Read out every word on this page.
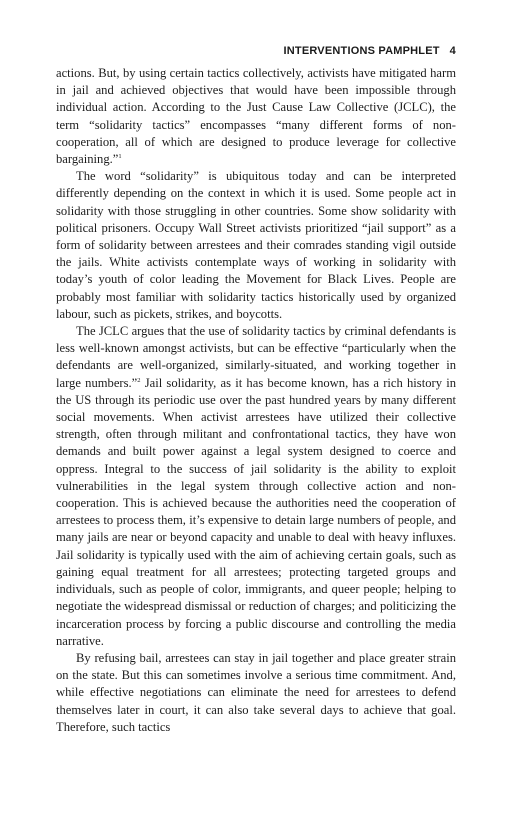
INTERVENTIONS PAMPHLET 4

actions. But, by using certain tactics collectively, activists have mitigated harm in jail and achieved objectives that would have been impossible through individual action. According to the Just Cause Law Collective (JCLC), the term “solidarity tactics” encompasses “many different forms of non-cooperation, all of which are designed to produce leverage for collective bargaining.”$^1$

The word “solidarity” is ubiquitous today and can be interpreted differently depending on the context in which it is used. Some people act in solidarity with those struggling in other countries. Some show solidarity with political prisoners. Occupy Wall Street activists prioritized “jail support” as a form of solidarity between arrestees and their comrades standing vigil outside the jails. White activists contemplate ways of working in solidarity with today’s youth of color leading the Movement for Black Lives. People are probably most familiar with solidarity tactics historically used by organized labour, such as pickets, strikes, and boycotts.

The JCLC argues that the use of solidarity tactics by criminal defendants is less well-known amongst activists, but can be effective “particularly when the defendants are well-organized, similarly-situated, and working together in large numbers.”$^2$ Jail solidarity, as it has become known, has a rich history in the US through its periodic use over the past hundred years by many different social movements. When activist arrestees have utilized their collective strength, often through militant and confrontational tactics, they have won demands and built power against a legal system designed to coerce and oppress. Integral to the success of jail solidarity is the ability to exploit vulnerabilities in the legal system through collective action and non-cooperation. This is achieved because the authorities need the cooperation of arrestees to process them, it’s expensive to detain large numbers of people, and many jails are near or beyond capacity and unable to deal with heavy influxes. Jail solidarity is typically used with the aim of achieving certain goals, such as gaining equal treatment for all arrestees; protecting targeted groups and individuals, such as people of color, immigrants, and queer people; helping to negotiate the widespread dismissal or reduction of charges; and politicizing the incarceration process by forcing a public discourse and controlling the media narrative.

By refusing bail, arrestees can stay in jail together and place greater strain on the state. But this can sometimes involve a serious time commitment. And, while effective negotiations can eliminate the need for arrestees to defend themselves later in court, it can also take several days to achieve that goal. Therefore, such tactics
